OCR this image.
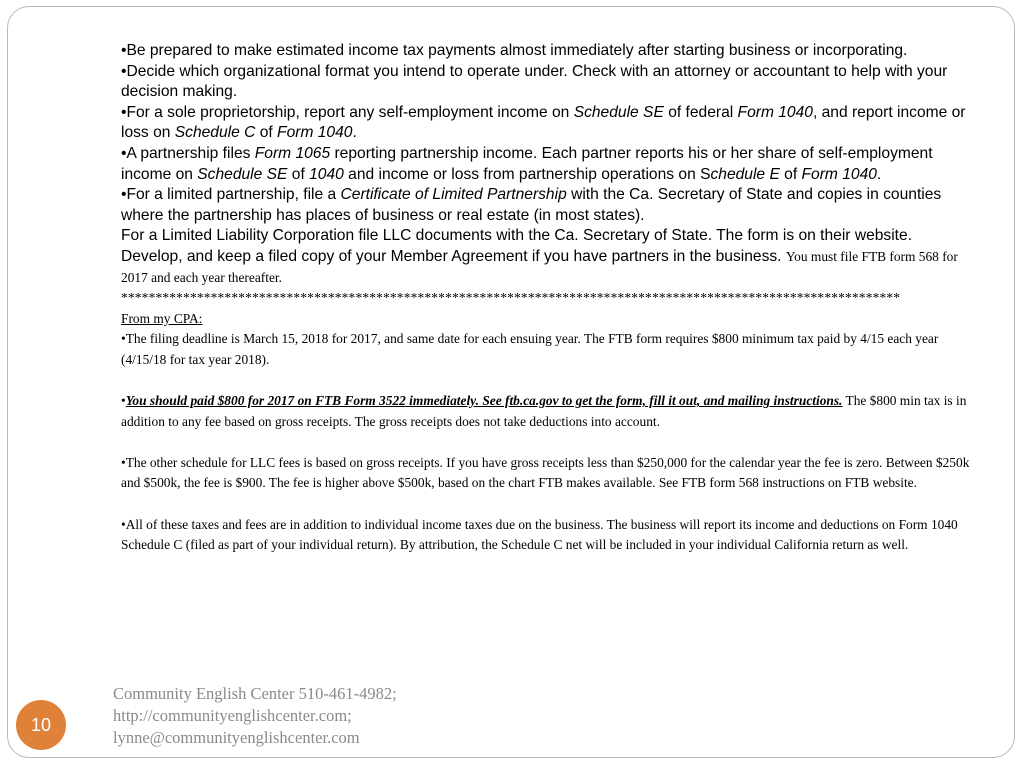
•Be prepared to make estimated income tax payments almost immediately after starting business or incorporating.

•Decide which organizational format you intend to operate under. Check with an attorney or accountant to help with your decision making.

•For a sole proprietorship, report any self-employment income on Schedule SE of federal Form 1040, and report income or loss on Schedule C of Form 1040.

•A partnership files Form 1065 reporting partnership income. Each partner reports his or her share of self-employment income on Schedule SE of 1040 and income or loss from partnership operations on Schedule E of Form 1040.

•For a limited partnership, file a Certificate of Limited Partnership with the Ca. Secretary of State and copies in counties where the partnership has places of business or real estate (in most states).

For a Limited Liability Corporation file LLC documents with the Ca. Secretary of State. The form is on their website. Develop, and keep a filed copy of your Member Agreement if you have partners in the business. You must file FTB form 568 for 2017 and each year thereafter.

*****************************************************************************************************************

From my CPA:

•The filing deadline is March 15, 2018 for 2017, and same date for each ensuing year. The FTB form requires $800 minimum tax paid by 4/15 each year (4/15/18 for tax year 2018).

•You should paid $800 for 2017 on FTB Form 3522 immediately. See ftb.ca.gov to get the form, fill it out, and mailing instructions. The $800 min tax is in addition to any fee based on gross receipts. The gross receipts does not take deductions into account.

•The other schedule for LLC fees is based on gross receipts. If you have gross receipts less than $250,000 for the calendar year the fee is zero. Between $250k and $500k, the fee is $900. The fee is higher above $500k, based on the chart FTB makes available. See FTB form 568 instructions on FTB website.

•All of these taxes and fees are in addition to individual income taxes due on the business. The business will report its income and deductions on Form 1040 Schedule C (filed as part of your individual return). By attribution, the Schedule C net will be included in your individual California return as well.

10
Community English Center 510-461-4982;
http://communityenglishcenter.com;
lynne@communityenglishcenter.com
